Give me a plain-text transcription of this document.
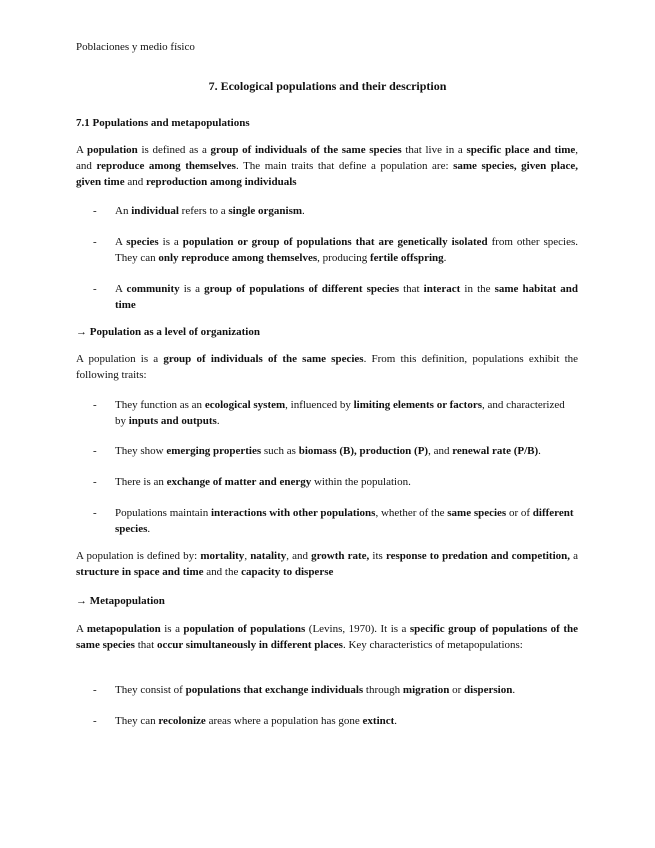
Poblaciones y medio físico
7. Ecological populations and their description
7.1 Populations and metapopulations
A population is defined as a group of individuals of the same species that live in a specific place and time, and reproduce among themselves. The main traits that define a population are: same species, given place, given time and reproduction among individuals
- An individual refers to a single organism.
- A species is a population or group of populations that are genetically isolated from other species. They can only reproduce among themselves, producing fertile offspring.
- A community is a group of populations of different species that interact in the same habitat and time
→ Population as a level of organization
A population is a group of individuals of the same species. From this definition, populations exhibit the following traits:
- They function as an ecological system, influenced by limiting elements or factors, and characterized by inputs and outputs.
- They show emerging properties such as biomass (B), production (P), and renewal rate (P/B).
- There is an exchange of matter and energy within the population.
- Populations maintain interactions with other populations, whether of the same species or of different species.
A population is defined by: mortality, natality, and growth rate, its response to predation and competition, a structure in space and time and the capacity to disperse
→ Metapopulation
A metapopulation is a population of populations (Levins, 1970). It is a specific group of populations of the same species that occur simultaneously in different places. Key characteristics of metapopulations:
- They consist of populations that exchange individuals through migration or dispersion.
- They can recolonize areas where a population has gone extinct.
